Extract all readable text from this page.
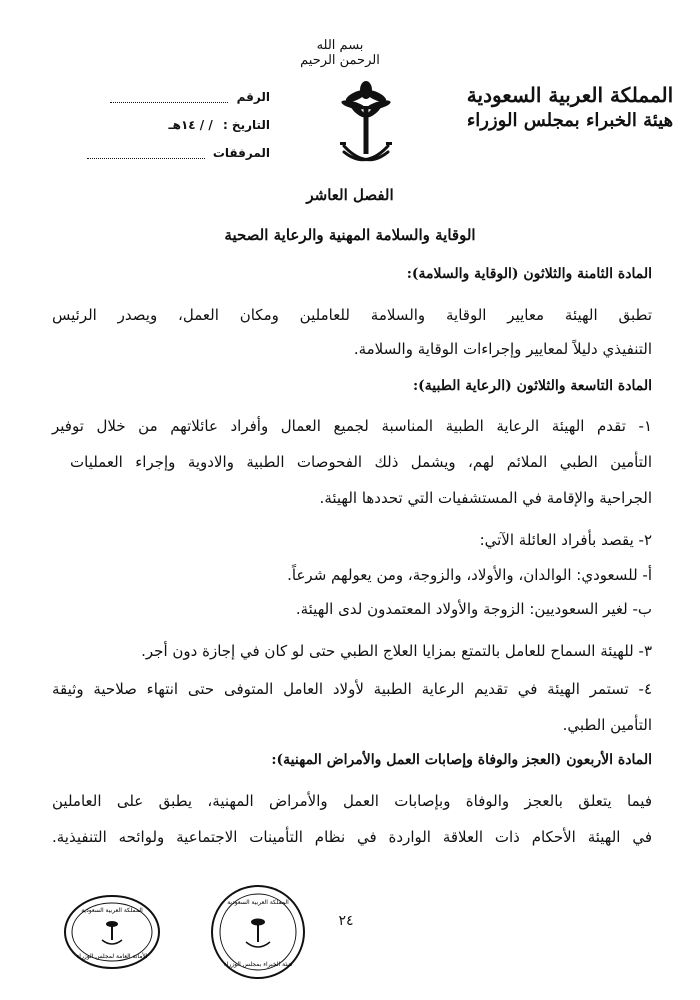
بسم الله الرحمن الرحيم
المملكة العربية السعودية
هيئة الخبراء بمجلس الوزراء
الرقم
التاريخ : / / ١٤هـ
المرفقات
الفصل العاشر
الوقاية والسلامة المهنية والرعاية الصحية
المادة الثامنة والثلاثون (الوقاية والسلامة):
تطبق الهيئة معايير الوقاية والسلامة للعاملين ومكان العمل، ويصدر الرئيس
التنفيذي دليلاً لمعايير وإجراءات الوقاية والسلامة.
المادة التاسعة والثلاثون (الرعاية الطبية):
١- تقدم الهيئة الرعاية الطبية المناسبة لجميع العمال وأفراد عائلاتهم من خلال توفير
التأمين الطبي الملائم لهم، ويشمل ذلك الفحوصات الطبية والادوية وإجراء العمليات
الجراحية والإقامة في المستشفيات التي تحددها الهيئة.
٢- يقصد بأفراد العائلة الآتي:
أ- للسعودي: الوالدان، والأولاد، والزوجة، ومن يعولهم شرعاً.
ب- لغير السعوديين: الزوجة والأولاد المعتمدون لدى الهيئة.
٣- للهيئة السماح للعامل بالتمتع بمزايا العلاج الطبي حتى لو كان في إجازة دون أجر.
٤- تستمر الهيئة في تقديم الرعاية الطبية لأولاد العامل المتوفى حتى انتهاء صلاحية وثيقة
التأمين الطبي.
المادة الأربعون (العجز والوفاة وإصابات العمل والأمراض المهنية):
فيما يتعلق بالعجز والوفاة وبإصابات العمل والأمراض المهنية، يطبق على العاملين
في الهيئة الأحكام ذات العلاقة الواردة في نظام التأمينات الاجتماعية ولوائحه التنفيذية.
٢٤
المملكة العربية السعودية
الأمانة العامة لمجلس الوزراء
المملكة العربية السعودية
هيئة الخبراء بمجلس الوزراء
